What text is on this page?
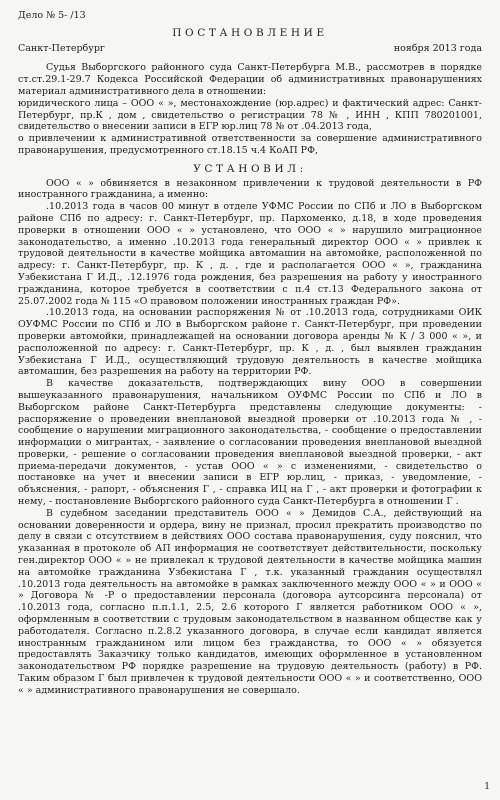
Дело № 5- /13
ПОСТАНОВЛЕНИЕ
Санкт-Петербург	ноября 2013 года

Судья Выборгского районного суда Санкт-Петербурга М.В., рассмотрев в порядке ст.ст.29.1-29.7 Кодекса Российской Федерации об административных правонарушениях материал административного дела в отношении:

юридического лица – ООО « », местонахождение (юр.адрес) и фактический адрес: Санкт-Петербург, пр.К , дом , свидетельство о регистрации 78 № , ИНН , КПП 780201001, свидетельство о внесении записи в ЕГР юр.лиц 78 № от .04.2013 года,

о привлечении к административной ответственности за совершение административного правонарушения, предусмотренного ст.18.15 ч.4 КоАП РФ,

УСТАНОВИЛ:

ООО « » обвиняется в незаконном привлечении к трудовой деятельности в РФ иностранного гражданина, а именно:

.10.2013 года в часов 00 минут в отделе УФМС России по СПб и ЛО в Выборгском районе СПб по адресу: г. Санкт-Петербург, пр. Пархоменко, д.18, в ходе проведения проверки в отношении ООО « » установлено, что ООО « » нарушило миграционное законодательство, а именно .10.2013 года генеральный директор ООО « » привлек к трудовой деятельности в качестве мойщика автомашин на автомойке, расположенной по адресу: г. Санкт-Петербург, пр. К , д. , где и располагается ООО « », гражданина Узбекистана Г И.Д., .12.1976 года рождения, без разрешения на работу у иностранного гражданина, которое требуется в соответствии с п.4 ст.13 Федерального закона от 25.07.2002 года № 115 «О правовом положении иностранных граждан РФ».

.10.2013 года, на основании распоряжения № от .10.2013 года, сотрудниками ОИК ОУФМС России по СПб и ЛО в Выборгском районе г. Санкт-Петербург, при проведении проверки автомойки, принадлежащей на основании договора аренды № К / 3 000 « », и расположенной по адресу: г. Санкт-Петербург, пр. К , д. , был выявлен гражданин Узбекистана Г И.Д., осуществляющий трудовую деятельность в качестве мойщика автомашин, без разрешения на работу на территории РФ.

В качестве доказательств, подтверждающих вину ООО в совершении вышеуказанного правонарушения, начальником ОУФМС России по СПб и ЛО в Выборгском районе Санкт-Петербурга представлены следующие документы: - распоряжение о проведении внеплановой выездной проверки от .10.2013 года № , - сообщение о нарушении миграционного законодательства, - сообщение о предоставлении информации о мигрантах, - заявление о согласовании проведения внеплановой выездной проверки, - решение о согласовании проведения внеплановой выездной проверки, - акт приема-передачи документов, - устав ООО « » с изменениями, - свидетельство о постановке на учет и внесении записи в ЕГР юр.лиц, - приказ, - уведомление, - объяснения, - рапорт, - объяснения Г , - справка ИЦ на Г , - акт проверки и фотографии к нему, - постановление Выборгского районного суда Санкт-Петербурга в отношении Г .

В судебном заседании представитель ООО « » Демидов С.А., действующий на основании доверенности и ордера, вину не признал, просил прекратить производство по делу в связи с отсутствием в действиях ООО состава правонарушения, суду пояснил, что указанная в протоколе об АП информация не соответствует действительности, поскольку ген.директор ООО « » не привлекал к трудовой деятельности в качестве мойщика машин на автомойке гражданина Узбекистана Г , т.к. указанный гражданин осуществлял .10.2013 года деятельность на автомойке в рамках заключенного между ООО « » и ООО « » Договора № -Р о предоставлении персонала (договора аутсорсинга персонала) от .10.2013 года, согласно п.п.1.1, 2.5, 2.6 которого Г является работником ООО « », оформленным в соответствии с трудовым законодательством в названном обществе как у работодателя. Согласно п.2.8.2 указанного договора, в случае если кандидат является иностранным гражданином или лицом без гражданства, то ООО « » обязуется предоставлять Заказчику только кандидатов, имеющих оформленное в установленном законодательством РФ порядке разрешение на трудовую деятельность (работу) в РФ. Таким образом Г был привлечен к трудовой деятельности ООО « » и соответственно, ООО « » административного правонарушения не совершало.

1
